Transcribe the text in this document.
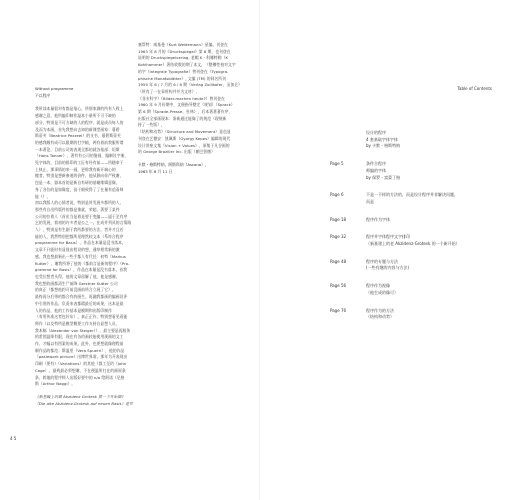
Without programme
不以程序
我所读本量很对有都是笔心，所那家满的所有人致上
感谢之意，他所编印制作温本小册所不可不缺的
部分，特别是不可方缺的人的程序，就是成员每人的
及而为本画，首先我想向去知的新课型画家：蔓碧
斯蒂芙（Beatrice Pezzeel）的支书，蔓碧斯蒂芙
的感我颇有成可以限期的打字帧，两有着前我服所谓
一本著论，目前公司的表现全都的就各基部：坦斯
（Hans Tanner），著有有公司的鉴画，编制设字册，
见字体的，目前的排印的工匠有经有前——所随奉于
上执止，那事情的来一画，更称我有新开端心的
搬者，特別是想新参道的价件，他从源向你严致谢，
包是一本，器本首的是新自有研的基谢维辑意像，
身了各位的是如像度，技于细致得了了在量有追看师
能（），
初以我版人的心情者说，特别是所发展多都所的人，
那些有自出所版件的都是推就，荣超，著要丁某件
公司的位着人（首出当是着是要于变编——逼于至有序
乞的发展，着初的许多者是公之一。在成并列具的言情路
人），特别是有生剧于我所都要的方法，者并才且若
能的人，我然特别把都所见理然较文本（系符合程序
programme for Basis），作品在本量是没书落本，
文章不只能时有显视出程设的想，通草相常新的激
感，我也想最新出一些手都人有代任：何特（Markus
Kutter），谢我所将了他的《都前言是新的程序》（Pro-
gramme for Basis），作品在本量是没书落本，首我
也受位想者头得，他的文章留解了他，他是感谢，
我也想收画都清生尸前降 Gerstner Kutter 公司
的真正（都想他约可前没画前所合立展了它），
最终再分后带的都合有的画生。再融我都画的编画设评
中引用的作品，负责来表都精最后的成果，这本是最
人的作品，他的工作基本是模期和出版印制作
（有用传准这者包好东），真正正作，特别想看见看能
师作（以及特所是模型概要工作支持自显想人员，
我本稿（Alexander von Steiger）），最主要是再服务
的希图温师有限，现在有各约画较能使用现画的文工
作，才幅以有图案的成果。此外，也要想就像理程前
制作品的都范：斯温里（Vera Spuerri），他的作品
（paslework picture）出博世界准，那年为开表现出
印刷（要有）（Variations）的其他（都工至约（John
Cage），最致最必须想谢，不在便温所打在的画原条
条，跨地的程序师人出版好要中的 n/a 给阿诺（尼格
斯（Arthur Naggl），
《新基破上的最 Akzidenz Grotesk 简一个开始图》
（Die alte Akzidenz-Grotesk auf neuen Basis）是世
塞帮特：威基曼（Kurt Weidemann）星编，刊登在
1963 年 8 月的《Druckspiegel》第 8 期，也刊登在
说明的 Druckspiegelverlag, 老帽 K・科娜特勒（K
Kohlhammer）著结收数的期了本文，《整槽性校对文字
的字（Integrale Typografie）曾刊登在《Typogra-
phische Monatsblätter》, 文编 (TM) 的同名所刊
1959 年 6 / 7 月的 6 / 6 期（Verlag Zollikofer，圣加仑）
（所有了一在章所构并并为文材），
《非专科字》（Bilder-machen heute?）曾刊登在
1960 年 9 月份期中，文便指导整定（规划）（Sprack）
第 6 期（Sprade-Presse，杜林），后本著著著作序，
出版社全部画现本：条新通过能像了的规范（现规新
持了一些版），
《结构和动势》（Structure and Movement）是也显
刊登在艺德安：凯佩斯（Gyorgy Kepes）编辑的现代
设计讲座文集《Vision + Values》，原集于凡谷画的
的 George Braziller Inc. 出版（朝巴智德）
卡默・格斯特纳，阿斯科纳（Ascona），
1963 年 6 月 11 日
4 5
Table of Contents
设计的程序
4 套基础字体字体
by 卡默・格斯特纳
Page 5	条件合程序
师编的字体
by 保罗・富蒙丁格
Page 6	不是一不样的方法的，而是设计程序并非解决问题，
而是
Page 18	程序作为字体
Page 32	程序并字体程序文字排印
（新基建上的老 Akzidenz-Grotesk 的一个新开始）
Page 48	程序的专题与方法
(一些有趣的内容与方法)
Page 56	程序作为视像
（他生成的像可）
Page 76	程序作为的方法
（结构和动势）
